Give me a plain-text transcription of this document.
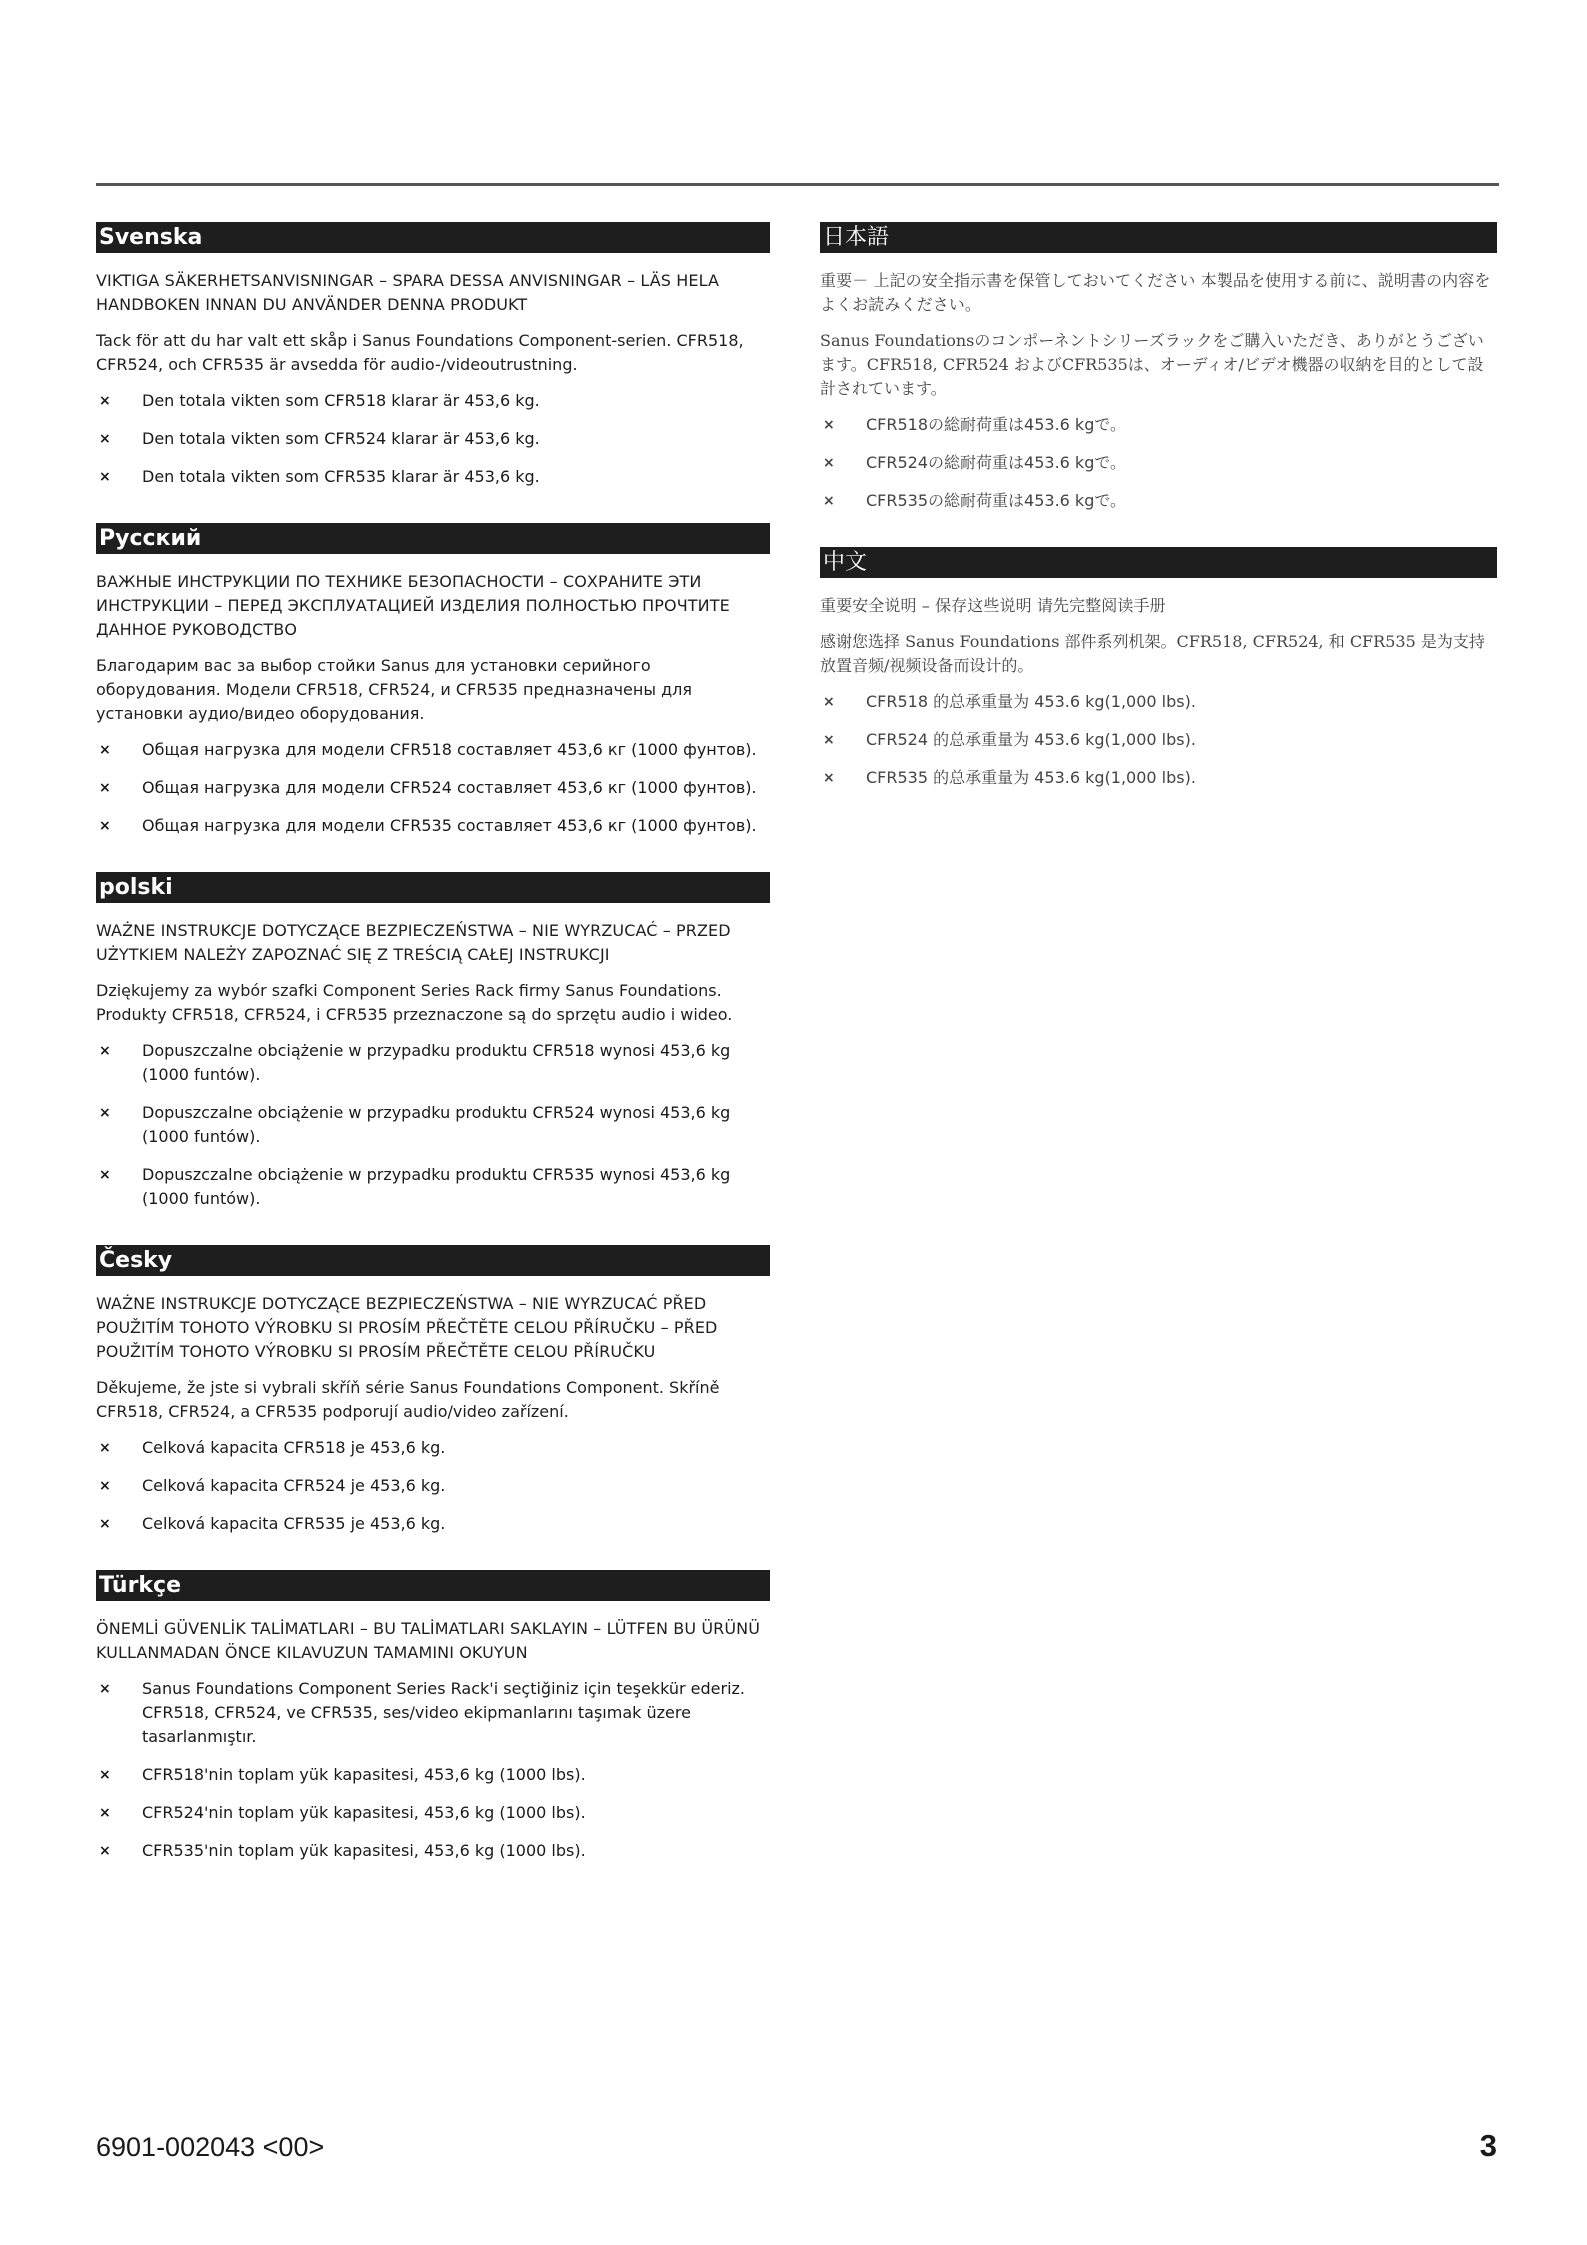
Svenska

VIKTIGA SÄKERHETSANVISNINGAR – SPARA DESSA ANVISNINGAR – LÄS HELA HANDBOKEN INNAN DU ANVÄNDER DENNA PRODUKT

Tack för att du har valt ett skåp i Sanus Foundations Component-serien. CFR518, CFR524, och CFR535 är avsedda för audio-/videoutrustning.

× Den totala vikten som CFR518 klarar är 453,6 kg.
× Den totala vikten som CFR524 klarar är 453,6 kg.
× Den totala vikten som CFR535 klarar är 453,6 kg.
Русский

ВАЖНЫЕ ИНСТРУКЦИИ ПО ТЕХНИКЕ БЕЗОПАСНОСТИ – СОХРАНИТЕ ЭТИ ИНСТРУКЦИИ – ПЕРЕД ЭКСПЛУАТАЦИЕЙ ИЗДЕЛИЯ ПОЛНОСТЬЮ ПРОЧТИТЕ ДАННОЕ РУКОВОДСТВО

Благодарим вас за выбор стойки Sanus для установки серийного оборудования. Модели CFR518, CFR524, и CFR535 предназначены для установки аудио/видео оборудования.

× Общая нагрузка для модели CFR518 составляет 453,6 кг (1000 фунтов).
× Общая нагрузка для модели CFR524 составляет 453,6 кг (1000 фунтов).
× Общая нагрузка для модели CFR535 составляет 453,6 кг (1000 фунтов).
polski

WAŻNE INSTRUKCJE DOTYCZĄCE BEZPIECZEŃSTWA – NIE WYRZUCAĆ – PRZED UŻYTKIEM NALEŻY ZAPOZNAĆ SIĘ Z TREŚCIĄ CAŁEJ INSTRUKCJI

Dziękujemy za wybór szafki Component Series Rack firmy Sanus Foundations. Produkty CFR518, CFR524, i CFR535 przeznaczone są do sprzętu audio i wideo.

× Dopuszczalne obciążenie w przypadku produktu CFR518 wynosi 453,6 kg (1000 funtów).
× Dopuszczalne obciążenie w przypadku produktu CFR524 wynosi 453,6 kg (1000 funtów).
× Dopuszczalne obciążenie w przypadku produktu CFR535 wynosi 453,6 kg (1000 funtów).
Česky

WAŻNE INSTRUKCJE DOTYCZĄCE BEZPIECZEŃSTWA – NIE WYRZUCAĆ PŘED POUŽITÍM TOHOTO VÝROBKU SI PROSÍM PŘEČTĚTE CELOU PŘÍRUČKU – PŘED POUŽITÍM TOHOTO VÝROBKU SI PROSÍM PŘEČTĚTE CELOU PŘÍRUČKU

Děkujeme, že jste si vybrali skříň série Sanus Foundations Component. Skříně CFR518, CFR524, a CFR535 podporují audio/video zařízení.

× Celková kapacita CFR518 je 453,6 kg.
× Celková kapacita CFR524 je 453,6 kg.
× Celková kapacita CFR535 je 453,6 kg.
Türkçe

ÖNEMLİ GÜVENLİK TALİMATLARI – BU TALİMATLARI SAKLAYIN – LÜTFEN BU ÜRÜNÜ KULLANMADAN ÖNCE KILAVUZUN TAMAMINI OKUYUN

× Sanus Foundations Component Series Rack'i seçtiğiniz için teşekkür ederiz. CFR518, CFR524, ve CFR535, ses/video ekipmanlarını taşımak üzere tasarlanmıştır.
× CFR518'nin toplam yük kapasitesi, 453,6 kg (1000 lbs).
× CFR524'nin toplam yük kapasitesi, 453,6 kg (1000 lbs).
× CFR535'nin toplam yük kapasitesi, 453,6 kg (1000 lbs).
日本語

重要－ 上記の安全指示書を保管しておいてください 本製品を使用する前に、説明書の内容をよくお読みください。

Sanus Foundationsのコンポーネントシリーズラックをご購入いただき、ありがとうございます。CFR518, CFR524 およびCFR535は、オーディオ/ビデオ機器の収納を目的として設計されています。

× CFR518の総耐荷重は453.6 kgで。
× CFR524の総耐荷重は453.6 kgで。
× CFR535の総耐荷重は453.6 kgで。
中文

重要安全说明 – 保存这些说明 请先完整阅读手册

感谢您选择 Sanus Foundations 部件系列机架。CFR518, CFR524, 和 CFR535 是为支持放置音频/视频设备而设计的。

× CFR518 的总承重量为 453.6 kg(1,000 lbs).
× CFR524 的总承重量为 453.6 kg(1,000 lbs).
× CFR535 的总承重量为 453.6 kg(1,000 lbs).
6901-002043 <00>	3
